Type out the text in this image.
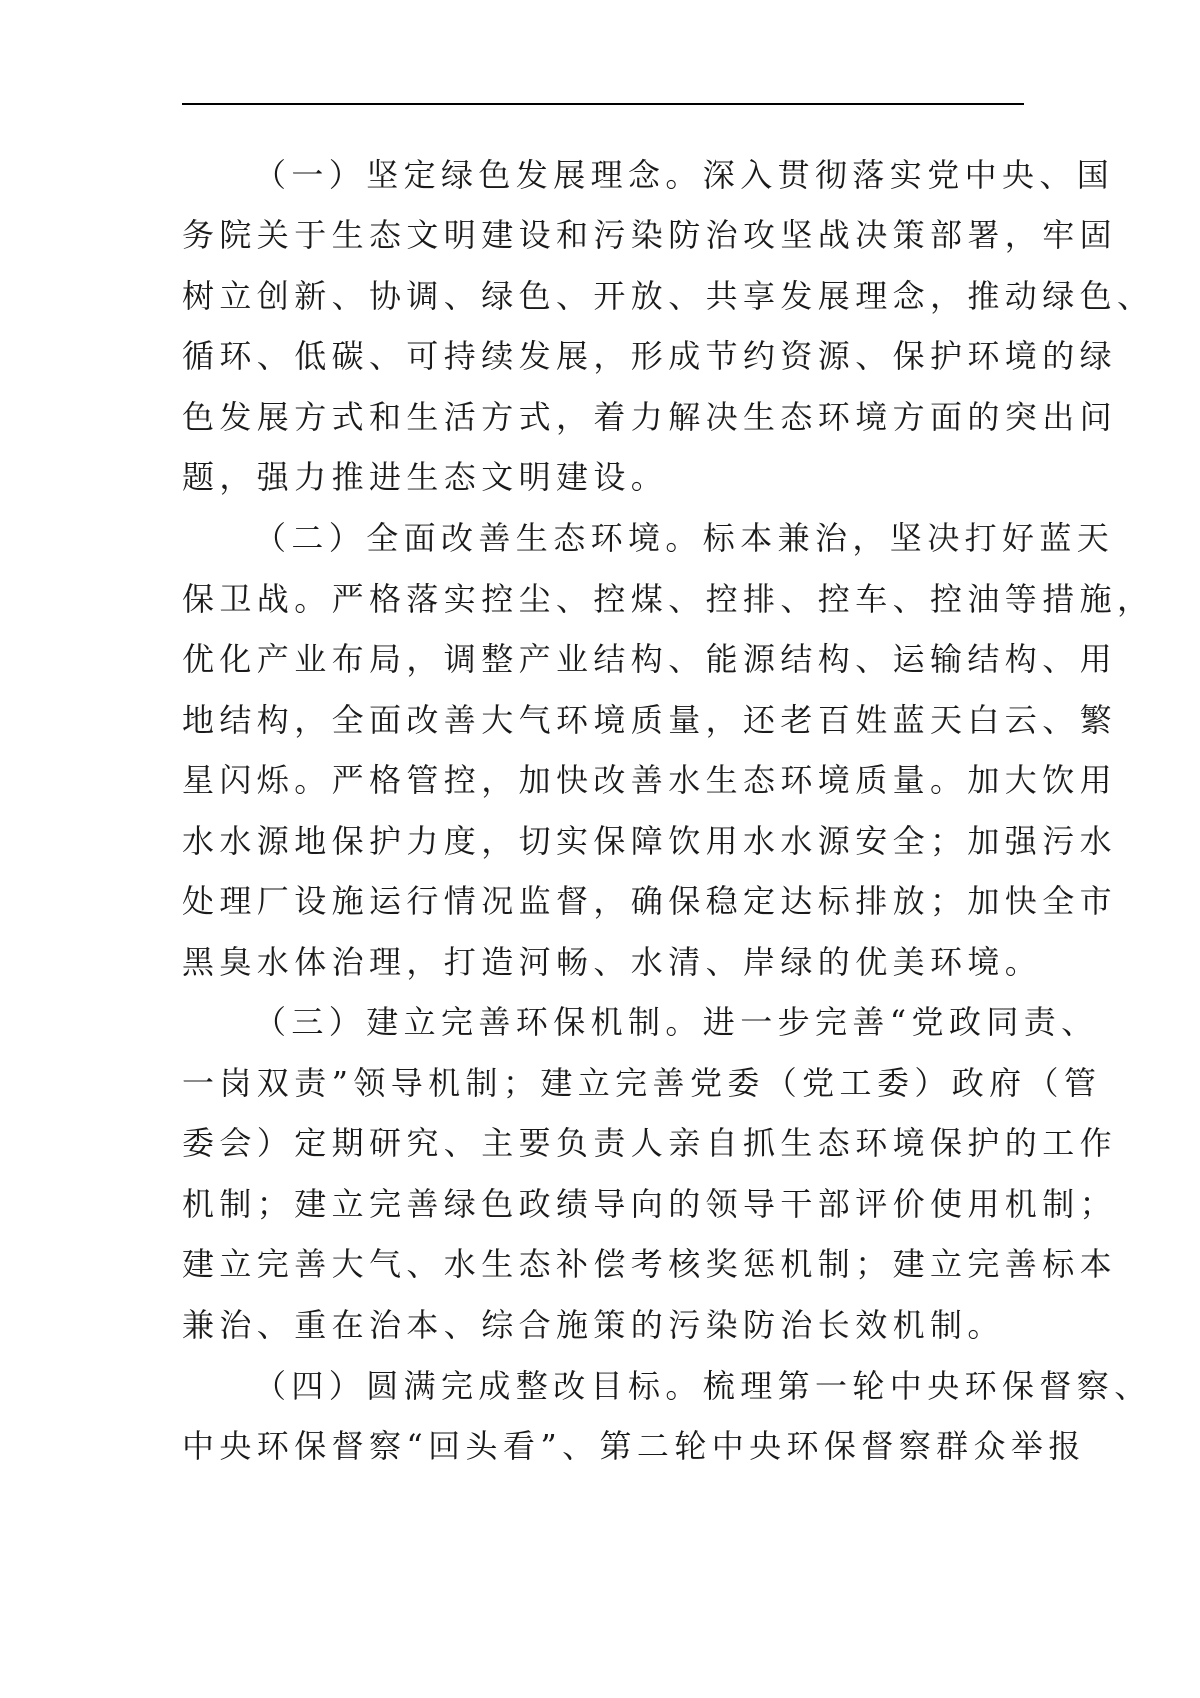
（一）坚定绿色发展理念。深入贯彻落实党中央、国
务院关于生态文明建设和污染防治攻坚战决策部署，牢固
树立创新、协调、绿色、开放、共享发展理念，推动绿色、
循环、低碳、可持续发展，形成节约资源、保护环境的绿
色发展方式和生活方式，着力解决生态环境方面的突出问
题，强力推进生态文明建设。
（二）全面改善生态环境。标本兼治，坚决打好蓝天
保卫战。严格落实控尘、控煤、控排、控车、控油等措施，
优化产业布局，调整产业结构、能源结构、运输结构、用
地结构，全面改善大气环境质量，还老百姓蓝天白云、繁
星闪烁。严格管控，加快改善水生态环境质量。加大饮用
水水源地保护力度，切实保障饮用水水源安全；加强污水
处理厂设施运行情况监督，确保稳定达标排放；加快全市
黑臭水体治理，打造河畅、水清、岸绿的优美环境。
（三）建立完善环保机制。进一步完善“党政同责、
一岗双责”领导机制；建立完善党委（党工委）政府（管
委会）定期研究、主要负责人亲自抓生态环境保护的工作
机制；建立完善绿色政绩导向的领导干部评价使用机制；
建立完善大气、水生态补偿考核奖惩机制；建立完善标本
兼治、重在治本、综合施策的污染防治长效机制。
（四）圆满完成整改目标。梳理第一轮中央环保督察、
中央环保督察“回头看”、第二轮中央环保督察群众举报
